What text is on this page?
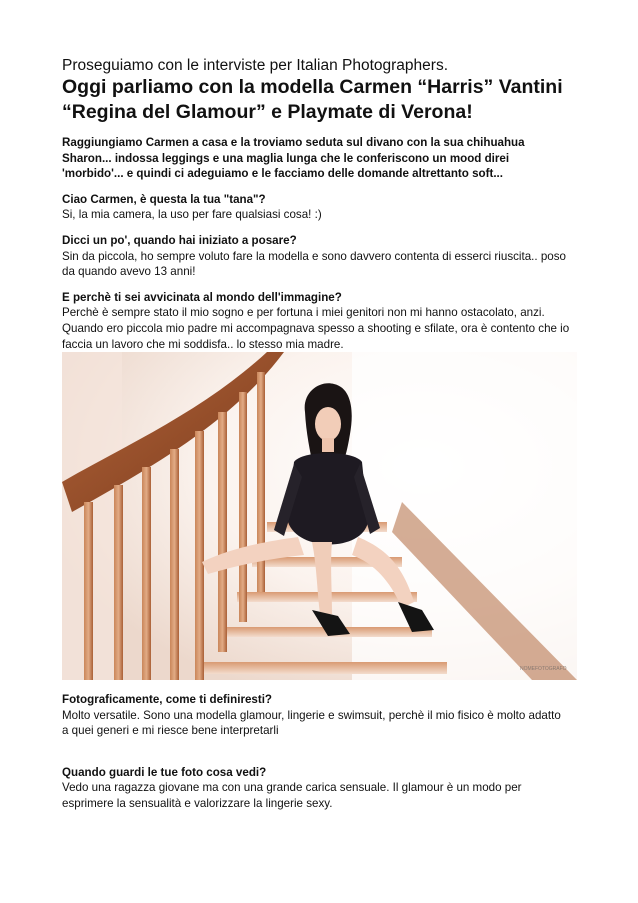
Proseguiamo con le interviste per Italian Photographers.

Oggi parliamo con la modella Carmen “Harris” Vantini

“Regina del Glamour” e Playmate di Verona!

Raggiungiamo Carmen a casa e la troviamo seduta sul divano con la sua chihuahua
Sharon... indossa leggings e una maglia lunga che le conferiscono un mood direi
'morbido'... e quindi ci adeguiamo e le facciamo delle domande altrettanto soft...

Ciao Carmen, è questa la tua "tana"?

Si, la mia camera, la uso per fare qualsiasi cosa! :)

Dicci un po', quando hai iniziato a posare?

Sin da piccola, ho sempre voluto fare la modella e sono davvero contenta di esserci riuscita.. poso

da quando avevo 13 anni!

E perchè ti sei avvicinata al mondo dell'immagine?

Perchè è sempre stato il mio sogno e per fortuna i miei genitori non mi hanno ostacolato, anzi.

Quando ero piccola mio padre mi accompagnava spesso a shooting e sfilate, ora è contento che io

faccia un lavoro che mi soddisfa.. lo stesso mia madre.

NOMEFOTOGRAFO

Fotograficamente, come ti definiresti?

Molto versatile. Sono una modella glamour, lingerie e swimsuit, perchè il mio fisico è molto adatto

a quei generi e mi riesce bene interpretarli

Quando guardi le tue foto cosa vedi?

Vedo una ragazza giovane ma con una grande carica sensuale. Il glamour è un modo per

esprimere la sensualità e valorizzare la lingerie sexy.
